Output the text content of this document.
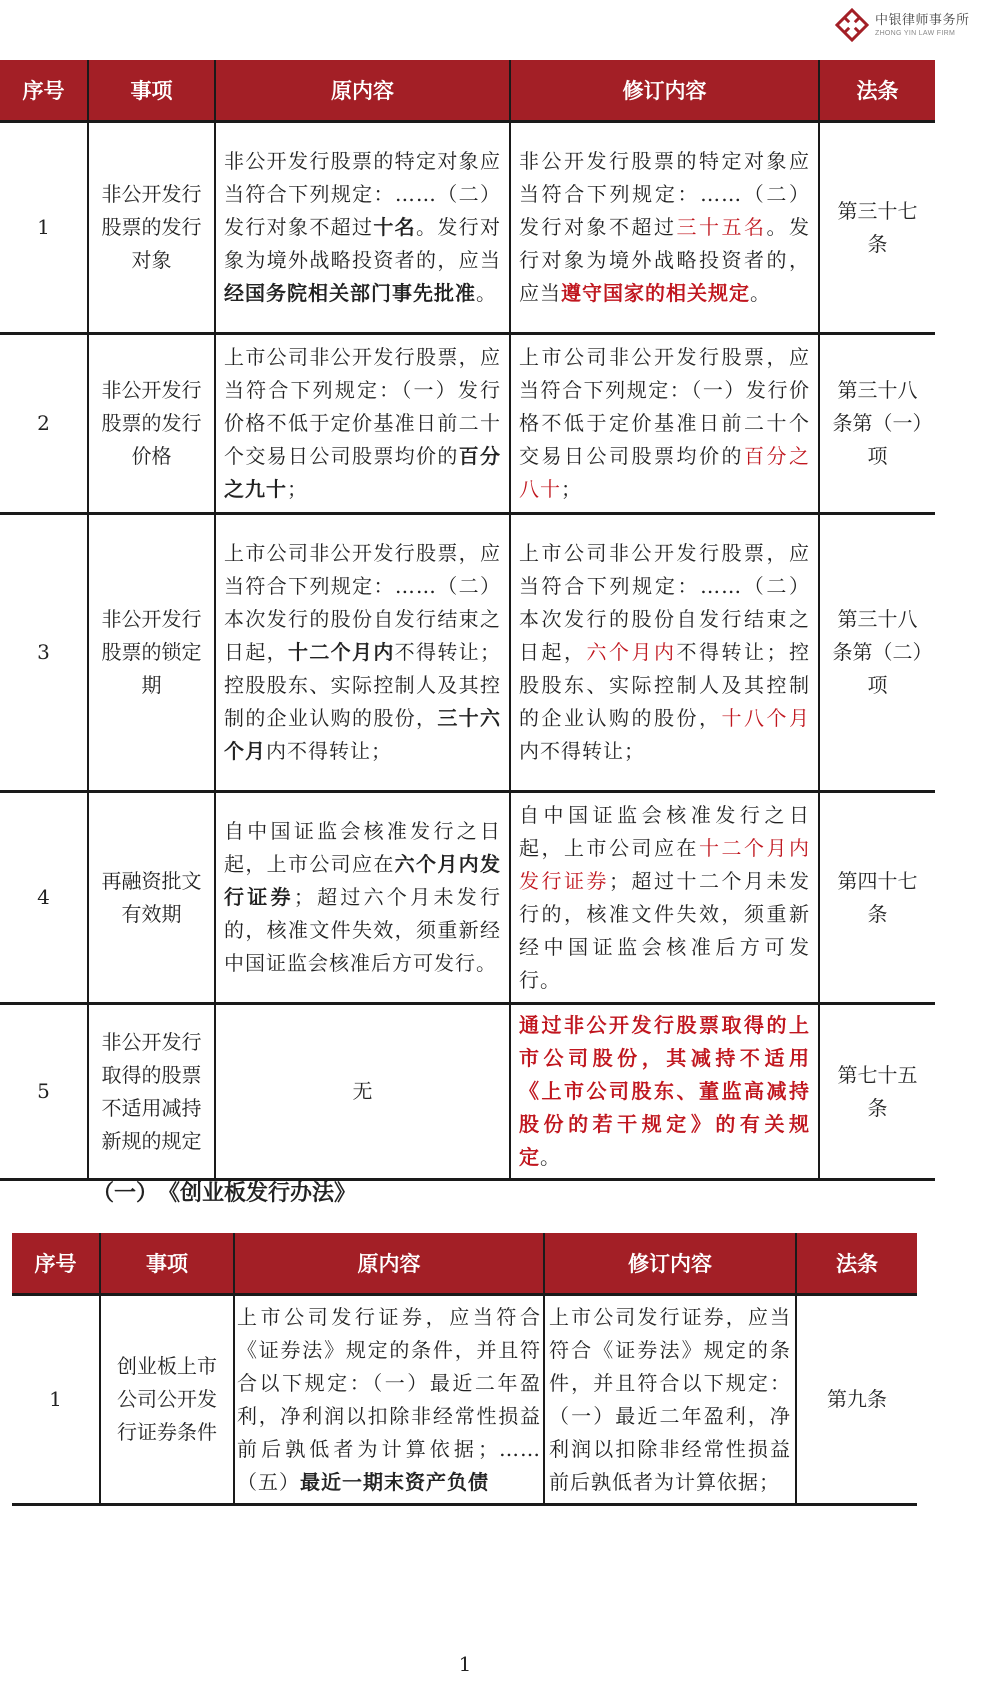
中银律师事务所
ZHONG YIN LAW FIRM
序号	事项	原内容	修订内容	法条
1	非公开发行股票的发行对象	非公开发行股票的特定对象应当符合下列规定：……（二）发行对象不超过十名。发行对象为境外战略投资者的，应当经国务院相关部门事先批准。	非公开发行股票的特定对象应当符合下列规定：……（二）发行对象不超过三十五名。发行对象为境外战略投资者的，应当遵守国家的相关规定。	第三十七条
2	非公开发行股票的发行价格	上市公司非公开发行股票，应当符合下列规定：（一）发行价格不低于定价基准日前二十个交易日公司股票均价的百分之九十；	上市公司非公开发行股票，应当符合下列规定：（一）发行价格不低于定价基准日前二十个交易日公司股票均价的百分之八十；	第三十八条第（一）项
3	非公开发行股票的锁定期	上市公司非公开发行股票，应当符合下列规定：……（二）本次发行的股份自发行结束之日起，十二个月内不得转让；控股股东、实际控制人及其控制的企业认购的股份，三十六个月内不得转让；	上市公司非公开发行股票，应当符合下列规定：……（二）本次发行的股份自发行结束之日起，六个月内不得转让；控股股东、实际控制人及其控制的企业认购的股份，十八个月内不得转让；	第三十八条第（二）项
4	再融资批文有效期	自中国证监会核准发行之日起，上市公司应在六个月内发行证券；超过六个月未发行的，核准文件失效，须重新经中国证监会核准后方可发行。	自中国证监会核准发行之日起，上市公司应在十二个月内发行证券；超过十二个月未发行的，核准文件失效，须重新经中国证监会核准后方可发行。	第四十七条
5	非公开发行取得的股票不适用减持新规的规定	无	通过非公开发行股票取得的上市公司股份，其减持不适用《上市公司股东、董监高减持股份的若干规定》的有关规定。	第七十五条
（一）　《创业板发行办法》
序号	事项	原内容	修订内容	法条
1	创业板上市公司公开发行证券条件	上市公司发行证券，应当符合《证券法》规定的条件，并且符合以下规定：（一）最近二年盈利，净利润以扣除非经常性损益前后孰低者为计算依据；……（五）最近一期末资产负债	上市公司发行证券，应当符合《证券法》规定的条件，并且符合以下规定：（一）最近二年盈利，净利润以扣除非经常性损益前后孰低者为计算依据；	第九条
1
